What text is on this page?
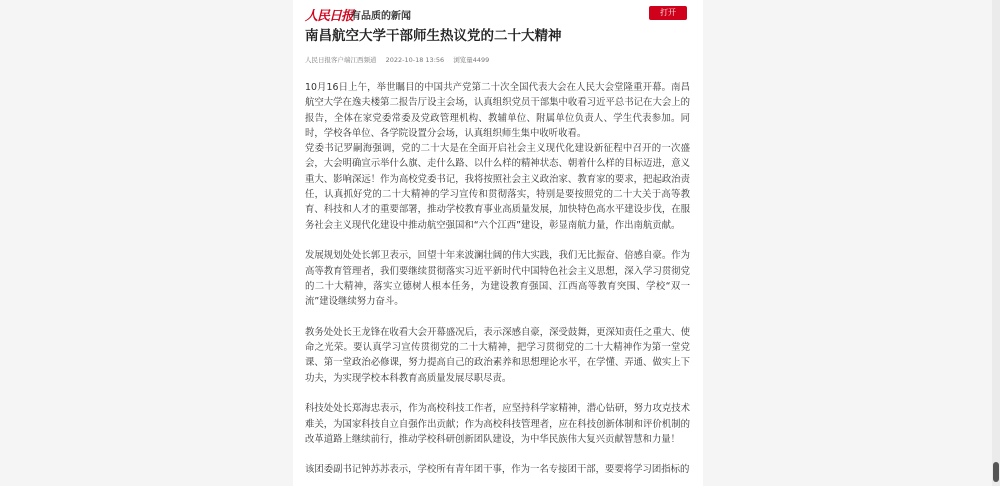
人民日报
有品质的新闻	打开
南昌航空大学干部师生热议党的二十大精神
人民日报客户端江西频道 2022-10-18 13:56 浏览量4499

10月16日上午，举世瞩目的中国共产党第二十次全国代表大会在人民大会堂隆重开幕。南昌航空大学在逸夫楼第二报告厅设主会场，认真组织党员干部集中收看习近平总书记在大会上的报告，全体在家党委常委及党政管理机构、教辅单位、附属单位负责人、学生代表参加。同时，学校各单位、各学院设置分会场，认真组织师生集中收听收看。

党委书记罗嗣海强调，党的二十大是在全面开启社会主义现代化建设新征程中召开的一次盛会，大会明确宣示举什么旗、走什么路、以什么样的精神状态、朝着什么样的目标迈进，意义重大、影响深远！作为高校党委书记，我将按照社会主义政治家、教育家的要求，把起政治责任，认真抓好党的二十大精神的学习宣传和贯彻落实，特别是要按照党的二十大关于高等教育、科技和人才的重要部署，推动学校教育事业高质量发展，加快特色高水平建设步伐，在服务社会主义现代化建设中推动航空强国和“六个江西”建设，彰显南航力量，作出南航贡献。

发展规划处处长郭卫表示，回望十年来波澜壮阔的伟大实践，我们无比振奋、倍感自豪。作为高等教育管理者，我们要继续贯彻落实习近平新时代中国特色社会主义思想，深入学习贯彻党的二十大精神，落实立德树人根本任务，为建设教育强国、江西高等教育突围、学校“双一流”建设继续努力奋斗。

教务处处长王龙锋在收看大会开幕盛况后，表示深感自豪，深受鼓舞，更深知责任之重大、使命之光荣。要认真学习宣传贯彻党的二十大精神，把学习贯彻党的二十大精神作为第一堂党课、第一堂政治必修课，努力提高自己的政治素养和思想理论水平，在学懂、弄通、做实上下功夫，为实现学校本科教育高质量发展尽职尽责。

科技处处长郑海忠表示，作为高校科技工作者，应坚持科学家精神，潜心钻研，努力攻克技术难关，为国家科技自立自强作出贡献；作为高校科技管理者，应在科技创新体制和评价机制的改革道路上继续前行，推动学校科研创新团队建设，为中华民族伟大复兴贡献智慧和力量！

该团委副书记钟苏苏表示，学校所有青年团干事，作为一名专接团干部，要要将学习团指标的
